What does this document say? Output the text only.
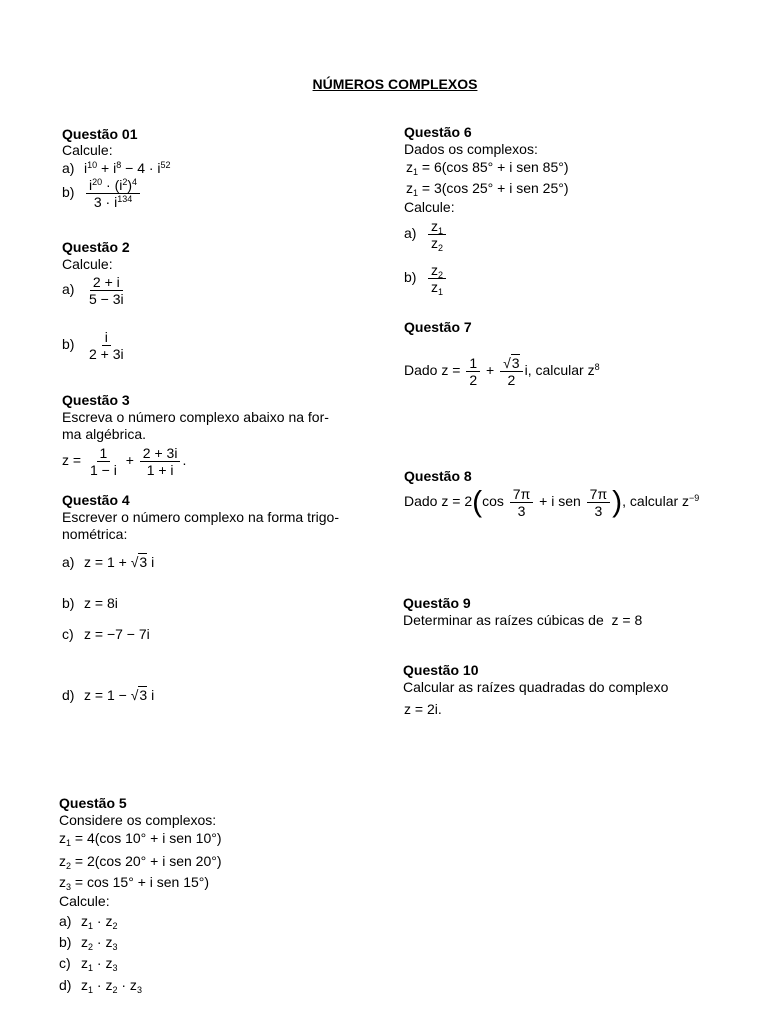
NÚMEROS COMPLEXOS
Questão 01
Calcule:
a) $i^{10} + i^8 - 4 \cdot i^{52}$
$b) \frac{i^{20} \cdot (i^2)^4}{3 \cdot i^{134}}$
Questão 2
Calcule:
$a) \frac{2 + i}{5 - 3i}$
$b) \frac{i}{2 + 3i}$
Questão 3
Escreva o número complexo abaixo na for-
ma algébrica.
$z = \frac{1}{1 - i} + \frac{2 + 3i}{1 + i}$ .
Questão 4
Escrever o número complexo na forma trigo-
nométrica:
a) z = 1 + √3 i
b) z = 8i
c) z = −7 − 7i
d) z = 1 − √3 i
Questão 5
Considere os complexos:
$z_1 = 4(\cos$ 10° + i sen 10°)
$z_2 = 2(\cos$ 20° + i sen 20°)
$z_3 = \cos 15^\circ + i$ sen 15°)
Calcule:
a) $z_1 \cdot z_2$
b) $z_2 \cdot z_3$
c) $z_1 \cdot z_3$
d) $z_1 \cdot z_2 \cdot z_3$
Questão 6
Dados os complexos:
$z_1 = 6(\cos$ 85° + i sen 85°)
$z_1 = 3(\cos$ 25° + i sen 25°)
Calcule:
$a) \frac{z_1}{z_2}$
$b) \frac{z_2}{z_1}$
Questão 7
Dado $z = \frac{1}{2} + \frac{√3}{2} i$, calcular $z^8$
Questão 8
Dado $z = 2(\cos \frac{7\pi}{3} + i$ sen $\frac{7\pi}{3}$ ), calcular $z^{-9}$
Questão 9
Determinar as raízes cúbicas de z = 8
Questão 10
Calcular as raízes quadradas do complexo
z = 2i.
